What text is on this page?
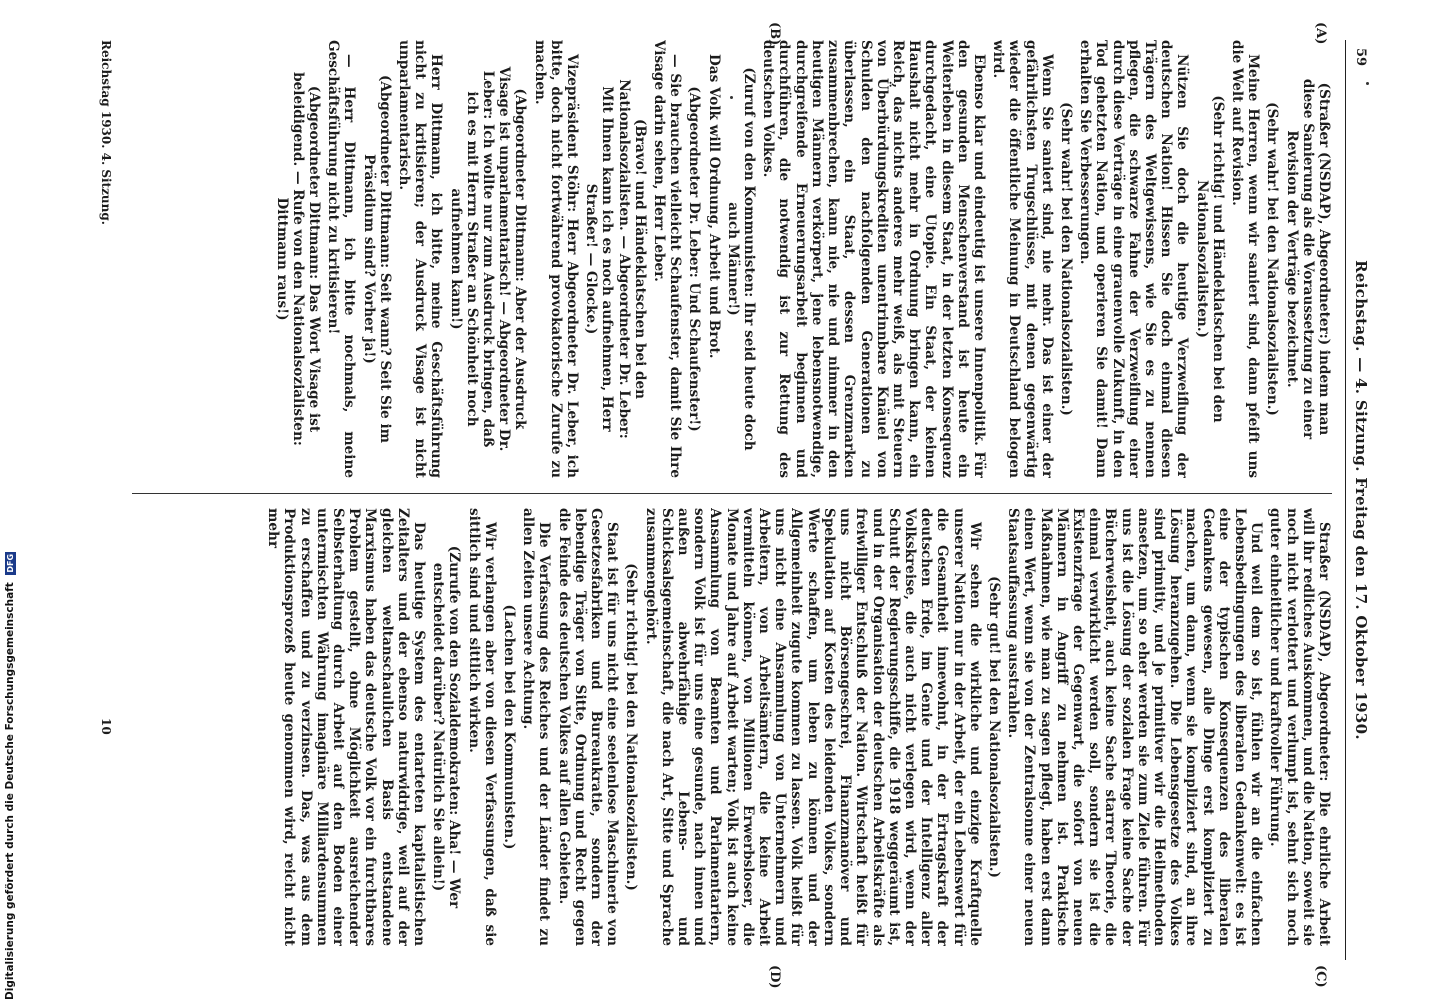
59
Reichstag. — 4. Sitzung. Freitag den 17. Oktober 1930.

Straßer (NSDAP), Abgeordneter: Die ehrliche Arbeit will ihr redliches Auskommen, und die Nation, soweit sie noch nicht verlottert und verlumpt ist, sehnt sich noch guter einheitlicher und kraftvoller Führung.

Und weil dem so ist, fühlen wir an die einfachen Lebensbedingungen des liberalen Gedankenwelt: es ist eine der typischen Konsequenzen des liberalen Gedankens gewesen, alle Dinge erst kompliziert zu machen, um dann, wenn sie kompliziert sind, an ihre Lösung heranzugehen. Die Lebensgesetze des Volkes sind primitiv, und je primitiver wir die Heilmethoden ansetzen, um so eher werden sie zum Ziele führen. Für uns ist die Lösung der sozialen Frage keine Sache der Bücherweisheit, auch keine Sache starrer Theorie, die einmal verwirklicht werden soll, sondern sie ist die Existenzfrage der Gegenwart, die sofort von neuen Männern in Angriff zu nehmen ist. Praktische Maßnahmen, wie man zu sagen pflegt, haben erst dann einen Wert, wenn sie von der Zentralsonne einer neuen Staatsauffassung ausstrahlen.

(Sehr gut! bei den Nationalsozialisten.)

Wir sehen die wirkliche und einzige Kraftquelle unserer Nation nur in der Arbeit, der ein Lebenswert für die Gesamtheit innewohnt, in der Ertragskraft der deutschen Erde, im Genie und der Intelligenz aller Volkskreise, die auch nicht verlegen wird, wenn der Schutt der Regierungsschiffe, die 1918 weggeräumt ist, und in der Organisation der deutschen Arbeitskräfte als freiwilliger Entschluß der Nation. Wirtschaft heißt für uns nicht Börsengeschrei, Finanzmanöver und Spekulation auf Kosten des leidenden Volkes, sondern Werte schaffen, um leben zu können und der Allgemeinheit zugute kommen zu lassen. Volk heißt für uns nicht eine Ansammlung von Unternehmern und Arbeitern, von Arbeitsämtern, die keine Arbeit vermitteln können, von Millionen Erwerbsloser, die Monate und Jahre auf Arbeit warten; Volk ist auch keine Ansammlung von Beamten und Parlamentariern, sondern Volk ist für uns eine gesunde, nach innen und außen abwehrfähige Lebens- und Schicksalsgemeinschaft, die nach Art, Sitte und Sprache zusammengehört.

(Sehr richtig! bei den Nationalsozialisten.)

Staat ist für uns nicht eine seelenlose Maschinerie von Gesetzesfabriken und Bureaukratie, sondern der lebendige Träger von Sitte, Ordnung und Recht gegen die Feinde des deutschen Volkes auf allen Gebieten.

Die Verfassung des Reiches und der Länder findet zu allen Zeiten unsere Achtung.

(Lachen bei den Kommunisten.)

Wir verlangen aber von diesen Verfassungen, daß sie sittlich sind und sittlich wirken.

(Zurufe von den Sozialdemokraten: Aha! — Wer entscheidet darüber? Natürlich Sie allein!)

Das heutige System des entarteten kapitalistischen Zeitalters und der ebenso naturwidrige, weil auf der gleichen weltanschaulichen Basis entstandene Marxismus haben das deutsche Volk vor ein furchtbares Problem gestellt, ohne Möglichkeit ausreichender Selbsterhaltung durch Arbeit auf den Boden einer untermischten Währung imaginäre Milliardensummen zu erschaffen und zu verzinsen. Das, was aus dem Produktionsprozeß heute genommen wird, reicht nicht mehr

(Straßer (NSDAP), Abgeordneter:) indem man diese Sanierung als die Voraussetzung zu einer Revision der Verträge bezeichnet.

(Sehr wahr! bei den Nationalsozialisten.)

Meine Herren, wenn wir saniert sind, dann pfeift uns die Welt auf Revision.

(Sehr richtig! und Händeklatschen bei den Nationalsozialisten.)

Nützen Sie doch die heutige Verzweiflung der deutschen Nation! Hissen Sie doch einmal diesen Trägern des Weltgewissens, wie Sie es zu nennen pflegen, die schwarze Fahne der Verzweiflung einer durch diese Verträge in eine grauenvolle Zukunft, in den Tod gehetzten Nation, und operieren Sie damit! Dann erhalten Sie Verbesserungen.

(Sehr wahr! bei den Nationalsozialisten.)

Wenn Sie saniert sind, nie mehr. Das ist einer der gefährlichsten Trugschlüsse, mit denen gegenwärtig wieder die öffentliche Meinung in Deutschland belogen wird.

Ebenso klar und eindeutig ist unsere Innenpolitik. Für den gesunden Menschenverstand ist heute ein Weiterleben in diesem Staat, in der letzten Konsequenz durchgedacht, eine Utopie. Ein Staat, der keinen Haushalt nicht mehr in Ordnung bringen kann, ein Reich, das nichts anderes mehr weiß, als mit Steuern von Überbürdungskrediten unentrinnbare Knäuel von Schulden den nachfolgenden Generationen zu überlassen, ein Staat, dessen Grenzmarken zusammenbrechen, kann nie, nie und nimmer in den heutigen Männern verkörpert, jene lebensnotwendige, durchgreifende Erneuerungsarbeit beginnen und durchführen, die notwendig ist zur Rettung des deutschen Volkes.

(Zuruf von den Kommunisten: Ihr seid heute doch auch Männer!)

Das Volk will Ordnung, Arbeit und Brot.

(Abgeordneter Dr. Leber: Und Schaufenster!)

— Sie brauchen vielleicht Schaufenster, damit Sie Ihre Visage darin sehen, Herr Leber.

(Bravo! und Händeklatschen bei den Nationalsozialisten. — Abgeordneter Dr. Leber: Mit Ihnen kann ich es noch aufnehmen, Herr Straßer! — Glocke.)

Vizepräsident Stöhr: Herr Abgeordneter Dr. Leber, ich bitte, doch nicht fortwährend provokatorische Zurufe zu machen.

(Abgeordneter Dittmann: Aber der Ausdruck Visage ist unparlamentarisch! — Abgeordneter Dr. Leber: Ich wollte nur zum Ausdruck bringen, daß ich es mit Herrn Straßer an Schönheit noch aufnehmen kann!)

Herr Dittmann, ich bitte, meine Geschäftsführung nicht zu kritisieren; der Ausdruck Visage ist nicht unparlamentarisch.

(Abgeordneter Dittmann: Seit wann? Seit Sie im Präsidium sind? Vorher ja!)

— Herr Dittmann, ich bitte nochmals, meine Geschäftsführung nicht zu kritisieren!

(Abgeordneter Dittmann: Das Wort Visage ist beleidigend. — Rufe von den Nationalsozialisten: Dittmann raus!)

(A)
(B)
(C)
(D)
Reichstag 1930. 4. Sitzung.
10
Digitalisierung gefördert durch die Deutsche Forschungsgemeinschaft DFG
